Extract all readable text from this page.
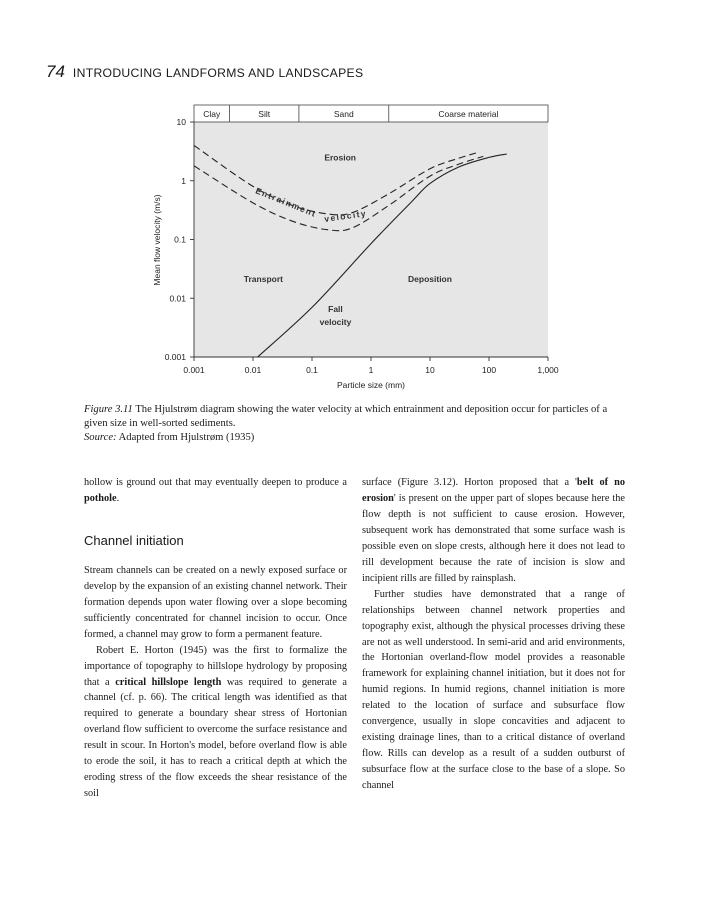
74 INTRODUCING LANDFORMS AND LANDSCAPES
Clay	Silt	Sand	Coarse material
0.001	0.01	0.1	1	10	100	1,000
0.001
0.01
0.1
1
10
Particle size (mm)
Mean flow velocity (m/s)
Erosion
Transport	Deposition
Fall
velocity
Entrainment velocity
Figure 3.11 The Hjulstrøm diagram showing the water velocity at which entrainment and deposition occur for particles of a given size in well-sorted sediments.
Source: Adapted from Hjulstrøm (1935)

hollow is ground out that may eventually deepen to produce a pothole.

Channel initiation

Stream channels can be created on a newly exposed surface or develop by the expansion of an existing channel network. Their formation depends upon water flowing over a slope becoming sufficiently concentrated for channel incision to occur. Once formed, a channel may grow to form a permanent feature.

Robert E. Horton (1945) was the first to formalize the importance of topography to hillslope hydrology by proposing that a critical hillslope length was required to generate a channel (cf. p. 66). The critical length was identified as that required to generate a boundary shear stress of Hortonian overland flow sufficient to overcome the surface resistance and result in scour. In Horton's model, before overland flow is able to erode the soil, it has to reach a critical depth at which the eroding stress of the flow exceeds the shear resistance of the soil

surface (Figure 3.12). Horton proposed that a 'belt of no erosion' is present on the upper part of slopes because here the flow depth is not sufficient to cause erosion. However, subsequent work has demonstrated that some surface wash is possible even on slope crests, although here it does not lead to rill development because the rate of incision is slow and incipient rills are filled by rainsplash.

Further studies have demonstrated that a range of relationships between channel network properties and topography exist, although the physical processes driving these are not as well understood. In semi-arid and arid environments, the Hortonian overland-flow model provides a reasonable framework for explaining channel initiation, but it does not for humid regions. In humid regions, channel initiation is more related to the location of surface and subsurface flow convergence, usually in slope concavities and adjacent to existing drainage lines, than to a critical distance of overland flow. Rills can develop as a result of a sudden outburst of subsurface flow at the surface close to the base of a slope. So channel
